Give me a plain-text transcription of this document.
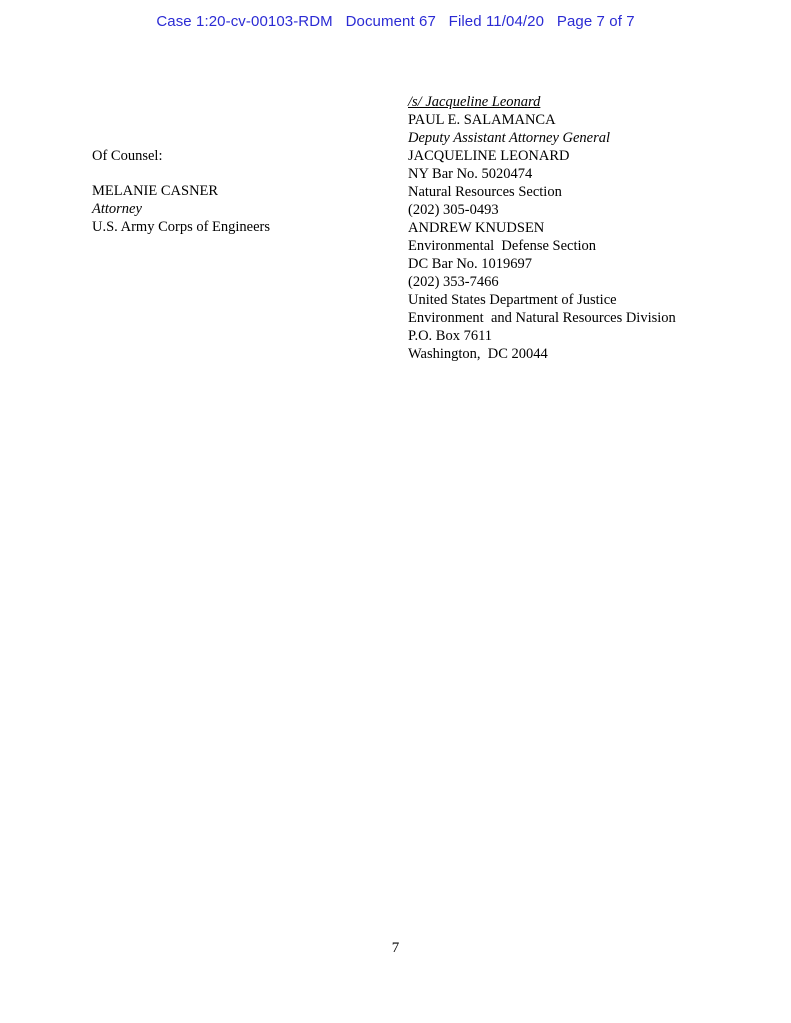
Case 1:20-cv-00103-RDM   Document 67   Filed 11/04/20   Page 7 of 7
Of Counsel:
MELANIE CASNER
Attorney
U.S. Army Corps of Engineers
/s/ Jacqueline Leonard
PAUL E. SALAMANCA
Deputy Assistant Attorney General
JACQUELINE LEONARD
NY Bar No. 5020474
Natural Resources Section
(202) 305-0493
ANDREW KNUDSEN
Environmental  Defense Section
DC Bar No. 1019697
(202) 353-7466
United States Department of Justice
Environment  and Natural Resources Division
P.O. Box 7611
Washington,  DC 20044
7
